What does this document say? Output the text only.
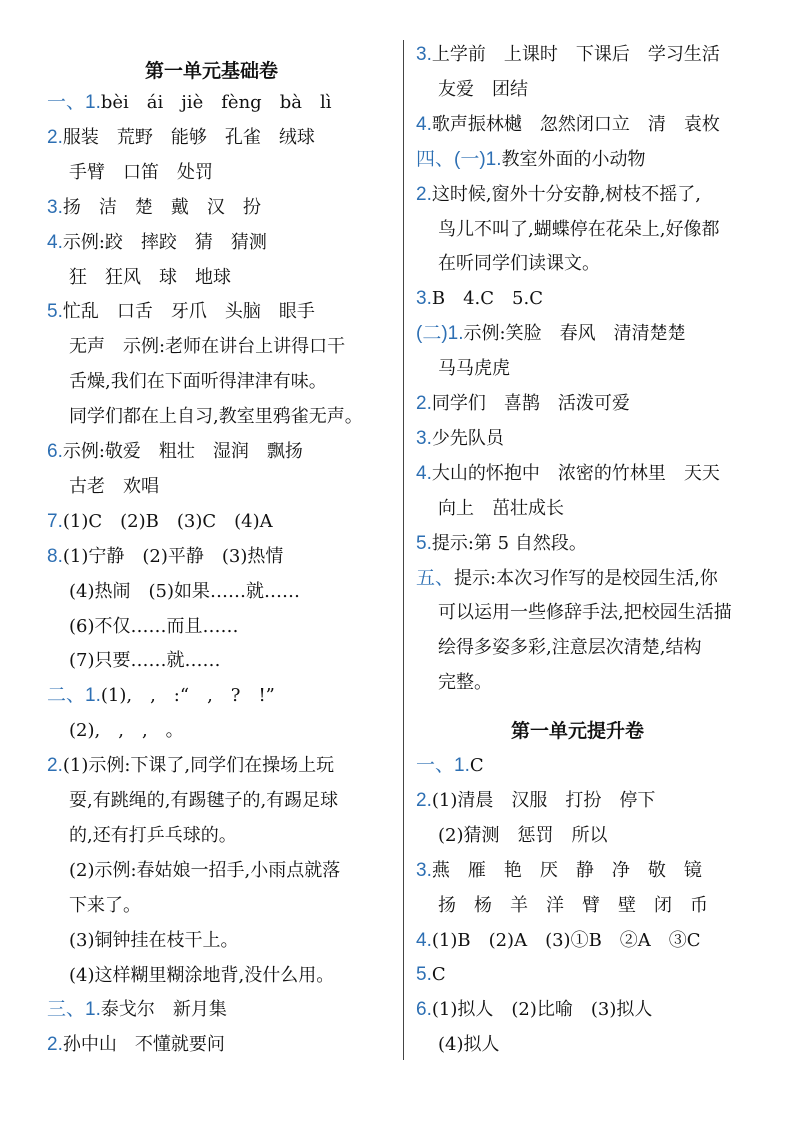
第一单元基础卷
一、1.bèi　ái　jiè　fèng　bà　lì
2.服装　荒野　能够　孔雀　绒球
手臂　口笛　处罚
3.扬　洁　楚　戴　汉　扮
4.示例:跤　摔跤　猜　猜测
狂　狂风　球　地球
5.忙乱　口舌　牙爪　头脑　眼手
无声　示例:老师在讲台上讲得口干
舌燥,我们在下面听得津津有味。
同学们都在上自习,教室里鸦雀无声。
6.示例:敬爱　粗壮　湿润　飘扬
古老　欢唱
7.(1)C　(2)B　(3)C　(4)A
8.(1)宁静　(2)平静　(3)热情
(4)热闹　(5)如果……就……
(6)不仅……而且……
(7)只要……就……
二、1.(1),　,　:“　,　?　!”
(2),　,　,　。
2.(1)示例:下课了,同学们在操场上玩
耍,有跳绳的,有踢毽子的,有踢足球
的,还有打乒乓球的。
(2)示例:春姑娘一招手,小雨点就落
下来了。
(3)铜钟挂在枝干上。
(4)这样糊里糊涂地背,没什么用。
三、1.泰戈尔　新月集
2.孙中山　不懂就要问
3.上学前　上课时　下课后　学习生活
友爱　团结
4.歌声振林樾　忽然闭口立　清　袁枚
四、(一)1.教室外面的小动物
2.这时候,窗外十分安静,树枝不摇了,
鸟儿不叫了,蝴蝶停在花朵上,好像都
在听同学们读课文。
3.B　4.C　5.C
(二)1.示例:笑脸　春风　清清楚楚
马马虎虎
2.同学们　喜鹊　活泼可爱
3.少先队员
4.大山的怀抱中　浓密的竹林里　天天
向上　茁壮成长
5.提示:第 5 自然段。
五、提示:本次习作写的是校园生活,你
可以运用一些修辞手法,把校园生活描
绘得多姿多彩,注意层次清楚,结构
完整。
第一单元提升卷
一、1.C
2.(1)清晨　汉服　打扮　停下
(2)猜测　惩罚　所以
3.燕　雁　艳　厌　静　净　敬　镜
扬　杨　羊　洋　臂　壁　闭　币
4.(1)B　(2)A　(3)①B　②A　③C
5.C
6.(1)拟人　(2)比喻　(3)拟人
(4)拟人
